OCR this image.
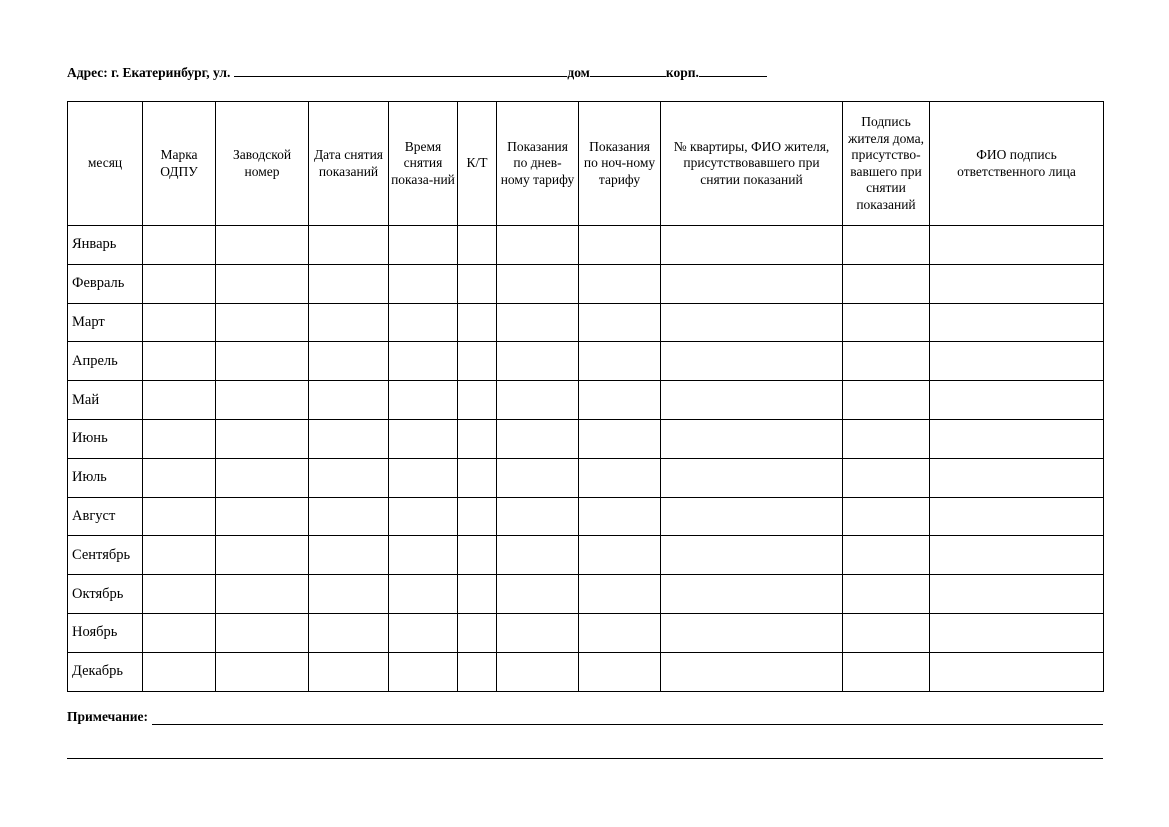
Адрес: г. Екатеринбург, ул.	дом	корп.
месяц	Марка ОДПУ	Заводской номер	Дата снятия показаний	Время снятия показа-ний	К/Т	Показания по днев-ному тарифу	Показания по ноч-ному тарифу	№ квартиры, ФИО жителя, присутствовавшего при снятии показаний	Подпись жителя дома, присутство-вавшего при снятии показаний	ФИО подпись ответственного лица
Январь										
Февраль										
Март										
Апрель										
Май										
Июнь										
Июль										
Август										
Сентябрь										
Октябрь										
Ноябрь										
Декабрь										
Примечание:
